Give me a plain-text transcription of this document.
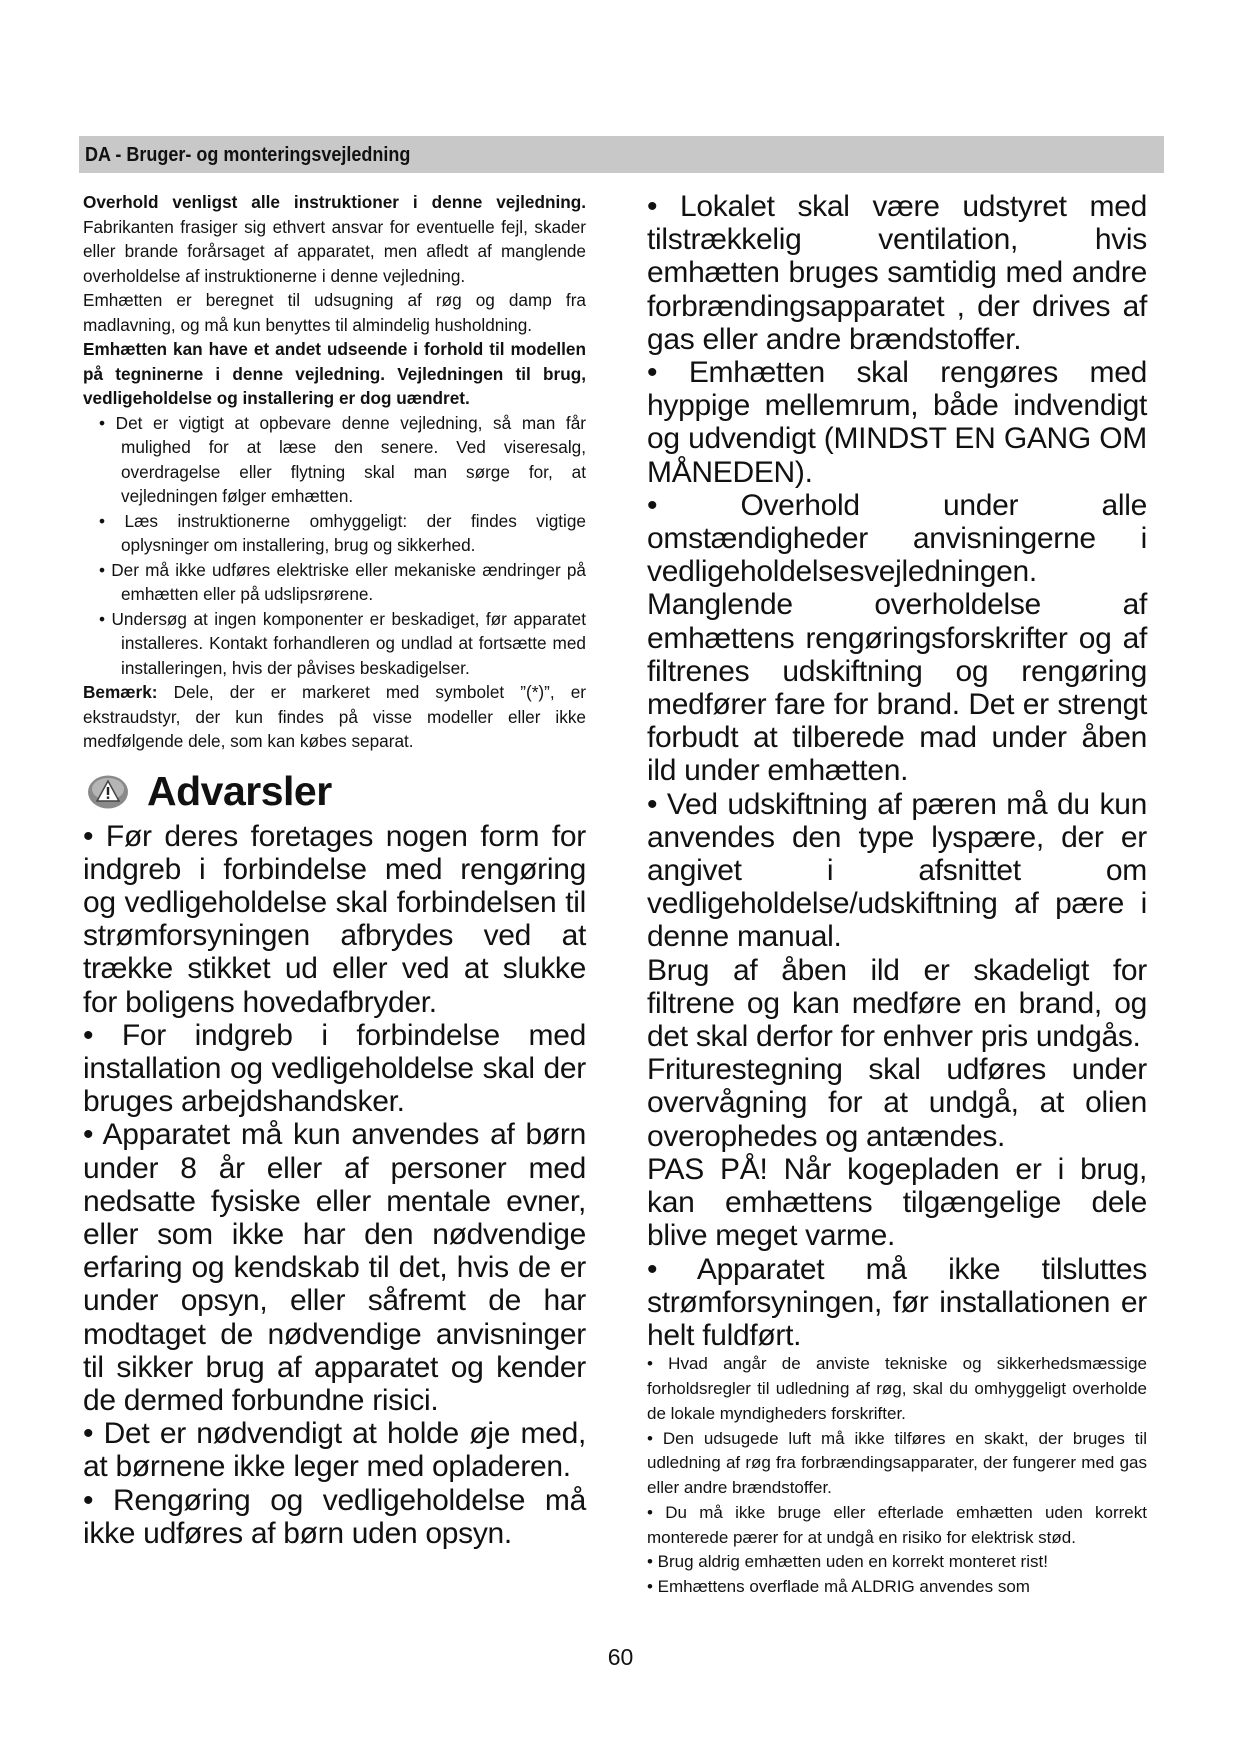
DA - Bruger- og monteringsvejledning

Overhold venligst alle instruktioner i denne vejledning. Fabrikanten frasiger sig ethvert ansvar for eventuelle fejl, skader eller brande forårsaget af apparatet, men afledt af manglende overholdelse af instruktionerne i denne vejledning.

Emhætten er beregnet til udsugning af røg og damp fra madlavning, og må kun benyttes til almindelig husholdning.

Emhætten kan have et andet udseende i forhold til modellen på tegninerne i denne vejledning. Vejledningen til brug, vedligeholdelse og installering er dog uændret.

• Det er vigtigt at opbevare denne vejledning, så man får mulighed for at læse den senere. Ved viseresalg, overdragelse eller flytning skal man sørge for, at vejledningen følger emhætten.

• Læs instruktionerne omhyggeligt: der findes vigtige oplysninger om installering, brug og sikkerhed.

• Der må ikke udføres elektriske eller mekaniske ændringer på emhætten eller på udslipsrørene.

• Undersøg at ingen komponenter er beskadiget, før apparatet installeres. Kontakt forhandleren og undlad at fortsætte med installeringen, hvis der påvises beskadigelser.

Bemærk: Dele, der er markeret med symbolet ”(*)”, er ekstraudstyr, der kun findes på visse modeller eller ikke medfølgende dele, som kan købes separat.

Advarsler

• Før deres foretages nogen form for indgreb i forbindelse med rengøring og vedligeholdelse skal forbindelsen til strømforsyningen afbrydes ved at trække stikket ud eller ved at slukke for boligens hovedafbryder.

• For indgreb i forbindelse med installation og vedligeholdelse skal der bruges arbejdshandsker.

• Apparatet må kun anvendes af børn under 8 år eller af personer med nedsatte fysiske eller mentale evner, eller som ikke har den nødvendige erfaring og kendskab til det, hvis de er under opsyn, eller såfremt de har modtaget de nødvendige anvisninger til sikker brug af apparatet og kender de dermed forbundne risici.

• Det er nødvendigt at holde øje med, at børnene ikke leger med opladeren.

• Rengøring og vedligeholdelse må ikke udføres af børn uden opsyn.

• Lokalet skal være udstyret med tilstrækkelig ventilation, hvis emhætten bruges samtidig med andre forbrændingsapparatet , der drives af gas eller andre brændstoffer.

• Emhætten skal rengøres med hyppige mellemrum, både indvendigt og udvendigt (MINDST EN GANG OM MÅNEDEN).

• Overhold under alle omstændigheder anvisningerne i vedligeholdelsesvejledningen.

Manglende overholdelse af emhættens rengøringsforskrifter og af filtrenes udskiftning og rengøring medfører fare for brand. Det er strengt forbudt at tilberede mad under åben ild under emhætten.

• Ved udskiftning af pæren må du kun anvendes den type lyspære, der er angivet i afsnittet om vedligeholdelse/udskiftning af pære i denne manual.

Brug af åben ild er skadeligt for filtrene og kan medføre en brand, og det skal derfor for enhver pris undgås.

Friturestegning skal udføres under overvågning for at undgå, at olien overophedes og antændes.

PAS PÅ! Når kogepladen er i brug, kan emhættens tilgængelige dele blive meget varme.

• Apparatet må ikke tilsluttes strømforsyningen, før installationen er helt fuldført.

• Hvad angår de anviste tekniske og sikkerhedsmæssige forholdsregler til udledning af røg, skal du omhyggeligt overholde de lokale myndigheders forskrifter.

• Den udsugede luft må ikke tilføres en skakt, der bruges til udledning af røg fra forbrændingsapparater, der fungerer med gas eller andre brændstoffer.

• Du må ikke bruge eller efterlade emhætten uden korrekt monterede pærer for at undgå en risiko for elektrisk stød.

• Brug aldrig emhætten uden en korrekt monteret rist!

• Emhættens overflade må ALDRIG anvendes som

60
